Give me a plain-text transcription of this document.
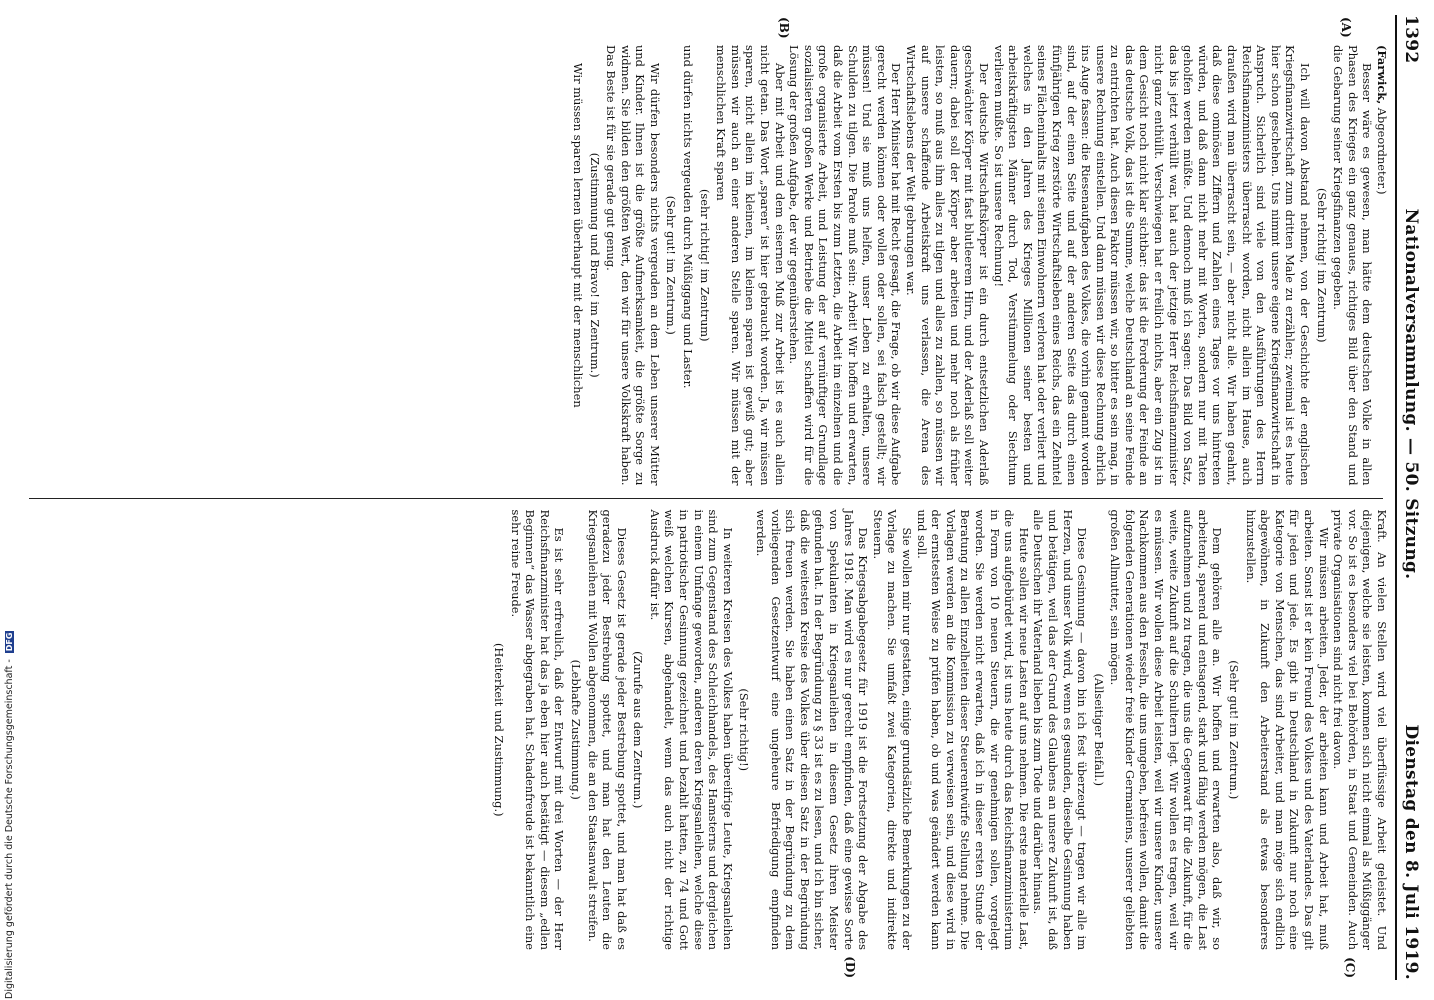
1392
Nationalversammlung. — 50. Sitzung.
Dienstag den 8. Juli 1919.
(A)
(B)

(Farwick, Abgeordneter.)

Besser wäre es gewesen, man hätte dem deutschen Volke in allen Phasen des Krieges ein ganz genaues, richtiges Bild über den Stand und die Gebarung seiner Kriegsfinanzen gegeben.

(Sehr richtig! im Zentrum)

Ich will davon Abstand nehmen, von der Geschichte der englischen Kriegsfinanzwirtschaft zum dritten Male zu erzählen; zweimal ist es heute hier schon geschehen. Uns nimmt unsere eigene Kriegsfinanzwirtschaft in Anspruch. Sicherlich sind viele von den Ausführungen des Herrn Reichsfinanzministers überrascht worden, nicht allein im Hause, auch draußen wird man überrascht sein, — aber nicht alle. Wir haben geahnt, daß diese ominösen Ziffern und Zahlen eines Tages vor uns hintreten würden, und daß dann nicht mehr mit Worten, sondern nur mit Taten geholfen werden müßte. Und dennoch muß ich sagen: Das Bild von Satz, das bis jetzt verhüllt war, hat auch der jetzige Herr Reichsfinanzminister nicht ganz enthüllt. Verschwiegen hat er freilich nichts, aber ein Zug ist in dem Gesicht noch nicht klar sichtbar: das ist die Forderung der Feinde an das deutsche Volk, das ist die Summe, welche Deutschland an seine Feinde zu entrichten hat. Auch diesen Faktor müssen wir, so bitter es sein mag, in unsere Rechnung einstellen. Und dann müssen wir diese Rechnung ehrlich ins Auge fassen: die Riesenaufgaben des Volkes, die vorhin genannt worden sind, auf der einen Seite und auf der anderen Seite das durch einen fünfjährigen Krieg zerstörte Wirtschaftsleben eines Reichs, das ein Zehntel seines Flächeninhalts mit seinen Einwohnern verloren hat oder verliert und welches in den Jahren des Krieges Millionen seiner besten und arbeitskräftigsten Männer durch Tod, Verstümmelung oder Siechtum verlieren mußte. So ist unsere Rechnung!

Der deutsche Wirtschaftskörper ist ein durch entsetzlichen Aderlaß geschwächter Körper mit fast blutleerem Hirn, und der Aderlaß soll weiter dauern; dabei soll der Körper aber arbeiten und mehr noch als früher leisten, so muß aus ihm alles zu tilgen und alles zu zahlen, so müssen wir auf unsere schaffende Arbeitskraft uns verlassen, die Arena des Wirtschaftslebens der Welt gebrungen war.

Der Herr Minister hat mit Recht gesagt, die Frage, ob wir diese Aufgabe gerecht werden können oder wollen oder sollen, sei falsch gestellt; wir müssen! Und sie muß uns helfen, unser Leben zu erhalten, unsere Schulden zu tilgen. Die Parole muß sein: Arbeit! Wir hoffen und erwarten, daß die Arbeit vom Ersten bis zum Letzten, die Arbeit im einzelnen und die große organisierte Arbeit, und Leistung der auf vernünftiger Grundlage sozialisierten großen Werke und Betriebe die Mittel schaffen wird für die Lösung der großen Aufgabe, der wir gegenüberstehen.

Aber mit Arbeit und dem eisernen Muß zur Arbeit ist es auch allein nicht getan. Das Wort „sparen“ ist hier gebraucht worden. Ja, wir müssen sparen, nicht allein im kleinen, im kleinen sparen ist gewiß gut; aber müssen wir auch an einer anderen Stelle sparen. Wir müssen mit der menschlichen Kraft sparen

(sehr richtig! im Zentrum)

und dürfen nichts vergeuden durch Müßiggang und Laster.

(Sehr gut! im Zentrum.)

Wir dürfen besonders nichts vergeuden an dem Leben unserer Mütter und Kinder. Ihnen ist die größte Aufmerksamkeit, die größte Sorge zu widmen. Sie bilden den größten Wert, den wir für unsere Volkskraft haben. Das Beste ist für sie gerade gut genug.

(Zustimmung und Bravo! im Zentrum.)

Wir müssen sparen lernen überhaupt mit der menschlichen

(C)
(D)

Kraft. An vielen Stellen wird viel überflüssige Arbeit geleistet. Und diejenigen, welche sie leisten, kommen sich nicht einmal als Müßiggänger vor. So ist es besonders viel bei Behörden, in Staat und Gemeinden. Auch private Organisationen sind nicht frei davon.

Wir müssen arbeiten. Jeder, der arbeiten kann und Arbeit hat, muß arbeiten. Sonst ist er kein Freund des Volkes und des Vaterlandes. Das gilt für jeden und jede. Es gibt in Deutschland in Zukunft nur noch eine Kategorie von Menschen, das sind Arbeiter, und man möge sich endlich abgewöhnen, in Zukunft den Arbeiterstand als etwas besonderes hinzustellen.

(Sehr gut! im Zentrum.)

Dem gehören alle an. Wir hoffen und erwarten also, daß wir, so arbeitend, sparend und entsagend, stark und fähig werden mögen, die Last aufzunehmen und zu tragen, die uns die Gegenwart für die Zukunft, für die weite, weite Zukunft auf die Schultern legt. Wir wollen es tragen, weil wir es müssen. Wir wollen diese Arbeit leisten, weil wir unsere Kinder, unsere Nachkommen aus den Fesseln, die uns umgeben, befreien wollen, damit die folgenden Generationen wieder freie Kinder Germaniens, unserer geliebten großen Allmutter, sein mögen.

(Allseitiger Beifall.)

Diese Gesinnung — davon bin ich fest überzeugt — tragen wir alle im Herzen, und unser Volk wird, wenn es gesunden, dieselbe Gesinnung haben und betätigen, weil das der Grund des Glaubens an unsere Zukunft ist, daß alle Deutschen ihr Vaterland lieben bis zum Tode und darüber hinaus.

Heute sollen wir neue Lasten auf uns nehmen. Die erste materielle Last, die uns aufgebürdet wird, ist uns heute durch das Reichsfinanzministerium in Form von 10 neuen Steuern, die wir genehmigen sollen, vorgelegt worden. Sie werden nicht erwarten, daß ich in dieser ersten Stunde der Beratung zu allen Einzelheiten dieser Steuerentwürfe Stellung nehme. Die Vorlagen werden an die Kommission zu verweisen sein, und diese wird in der ernstesten Weise zu prüfen haben, ob und was geändert werden kann und soll.

Sie wollen mir nur gestatten, einige grundsätzliche Bemerkungen zu der Vorlage zu machen. Sie umfaßt zwei Kategorien, direkte und indirekte Steuern.

Das Kriegsabgabegesetz für 1919 ist die Fortsetzung der Abgabe des Jahres 1918. Man wird es nur gerecht empfinden, daß eine gewisse Sorte von Spekulanten in Kriegsanleihen in diesem Gesetz ihren Meister gefunden hat. In der Begründung zu § 33 ist es zu lesen, und ich bin sicher, daß die weitesten Kreise des Volkes über diesen Satz in der Begründung sich freuen werden. Sie haben einen Satz in der Begründung zu dem vorliegenden Gesetzentwurf eine ungeheure Befriedigung empfinden werden.

(Sehr richtig!)

In weiteren Kreisen des Volkes haben übereifrige Leute, Kriegsanleihen sind zum Gegenstand des Schleichhandels, des Hamsterns und dergleichen in einem Umfange geworden, anderen deren Kriegsanleihen, welche diese in patriotischer Gesinnung gezeichnet und bezahlt hatten, zu 74 und Gott weiß welchen Kursen, abgehandelt, wenn das auch nicht der richtige Ausdruck dafür ist.

(Zurufe aus dem Zentrum.)

Dieses Gesetz ist gerade jeder Bestrebung spottet, und man hat daß es geradezu jeder Bestrebung spottet, und man hat den Leuten die Kriegsanleihen mit Wollen abgenommen, die an den Staatsanwalt streifen.

(Lebhafte Zustimmung.)

Es ist sehr erfreulich, daß der Entwurf mit drei Worten — der Herr Reichsfinanzminister hat das ja eben hier auch bestätigt — diesem „edlen Beginnen“ das Wasser abgegraben hat. Schadenfreude ist bekanntlich eine sehr reine Freude.

(Heiterkeit und Zustimmung.)

Digitalisierung gefördert durch die Deutsche Forschungsgemeinschaft - DFG
